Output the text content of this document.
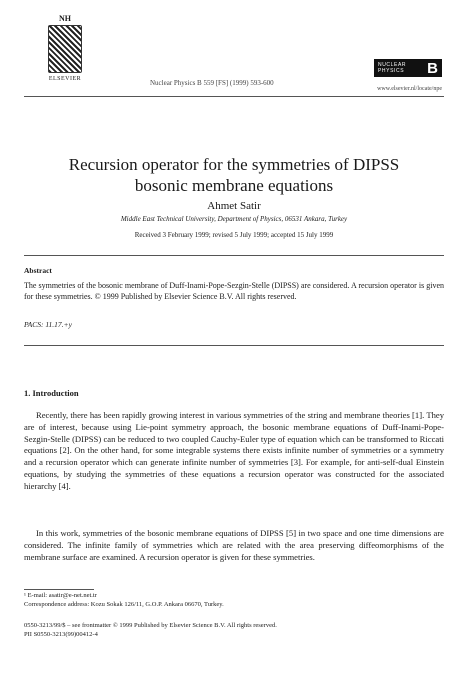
NH
ELSEVIER	Nuclear Physics B 559 [FS] (1999) 593-600
NUCLEAR
PHYSICS B
www.elsevier.nl/locate/npe
Recursion operator for the symmetries of DIPSS
bosonic membrane equations
Ahmet Satir
Middle East Technical University, Department of Physics, 06531 Ankara, Turkey
Received 3 February 1999; revised 5 July 1999; accepted 15 July 1999
Abstract
The symmetries of the bosonic membrane of Duff-Inami-Pope-Sezgin-Stelle (DIPSS) are considered. A recursion operator is given for these symmetries. © 1999 Published by Elsevier Science B.V. All rights reserved.
PACS: 11.17.+y
1. Introduction
Recently, there has been rapidly growing interest in various symmetries of the string and membrane theories [1]. They are of interest, because using Lie-point symmetry approach, the bosonic membrane equations of Duff-Inami-Pope-Sezgin-Stelle (DIPSS) can be reduced to two coupled Cauchy-Euler type of equation which can be transformed to Riccati equations [2]. On the other hand, for some integrable systems there exists infinite number of symmetries or a symmetry and a recursion operator which can generate infinite number of symmetries [3]. For example, for anti-self-dual Einstein equations, by studying the symmetries of these equations a recursion operator was constructed for the associated hierarchy [4].
In this work, symmetries of the bosonic membrane equations of DIPSS [5] in two space and one time dimensions are considered. The infinite family of symmetries which are related with the area preserving diffeomorphisms of the membrane surface are examined. A recursion operator is given for these symmetries.
¹ E-mail: asatir@e-net.net.tr
Correspondence address: Kozu Sokak 126/11, G.O.P. Ankara 06670, Turkey.
0550-3213/99/$ – see frontmatter © 1999 Published by Elsevier Science B.V. All rights reserved.
PII S0550-3213(99)00412-4
